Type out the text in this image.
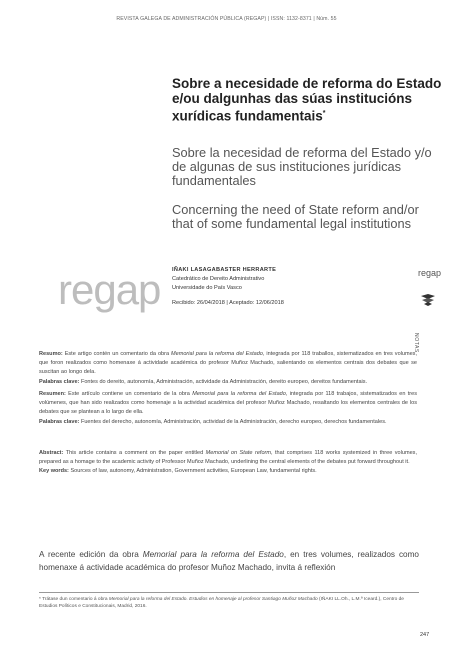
REVISTA GALEGA DE ADMINISTRACIÓN PÚBLICA (REGAP) | ISSN: 1132-8371 | Núm. 55
Sobre a necesidade de reforma do Estado e/ou dalgunhas das súas institucións xurídicas fundamentais*
Sobre la necesidad de reforma del Estado y/o de algunas de sus instituciones jurídicas fundamentales
Concerning the need of State reform and/or that of some fundamental legal institutions
regap IÑAKI LASAGABASTER HERRARTE
Catedrático de Dereito Administrativo
Universidade do País Vasco
Recibido: 26/04/2018 | Aceptado: 12/06/2018
regap
NOTAS
Resumo: Este artigo contén un comentario da obra Memorial para la reforma del Estado, integrada por 118 traballos, sistematizados en tres volumes, que foron realizados como homenaxe á actividade académica do profesor Muñoz Machado, salientando os elementos centrais dos debates que se suscitan ao longo dela.
Palabras clave: Fontes do dereito, autonomía, Administración, actividade da Administración, dereito europeo, dereitos fundamentais.
Resumen: Este artículo contiene un comentario de la obra Memorial para la reforma del Estado, integrada por 118 trabajos, sistematizados en tres volúmenes, que han sido realizados como homenaje a la actividad académica del profesor Muñoz Machado, resaltando los elementos centrales de los debates que se plantean a lo largo de ella.
Palabras clave: Fuentes del derecho, autonomía, Administración, actividad de la Administración, derecho europeo, derechos fundamentales.
Abstract: This article contains a comment on the paper entitled Memorial on State reform, that comprises 118 works systemized in three volumes, prepared as a homage to the academic activity of Professor Muñoz Machado, underlining the central elements of the debates put forward throughout it.
Key words: Sources of law, autonomy, Administration, Government activities, European Law, fundamental rights.
A recente edición da obra Memorial para la reforma del Estado, en tres volumes, realizados como homenaxe á actividade académica do profesor Muñoz Machado, invita á reflexión
* Trátase dun comentario á obra Memorial para la reforma del Estado. Estudios en homenaje al profesor Santiago Muñoz Machado (IÑAKI LL.Oh., L.M.ª Iceard.), Centro de Estudios Políticos e Constitucionais, Madrid, 2016.
247
